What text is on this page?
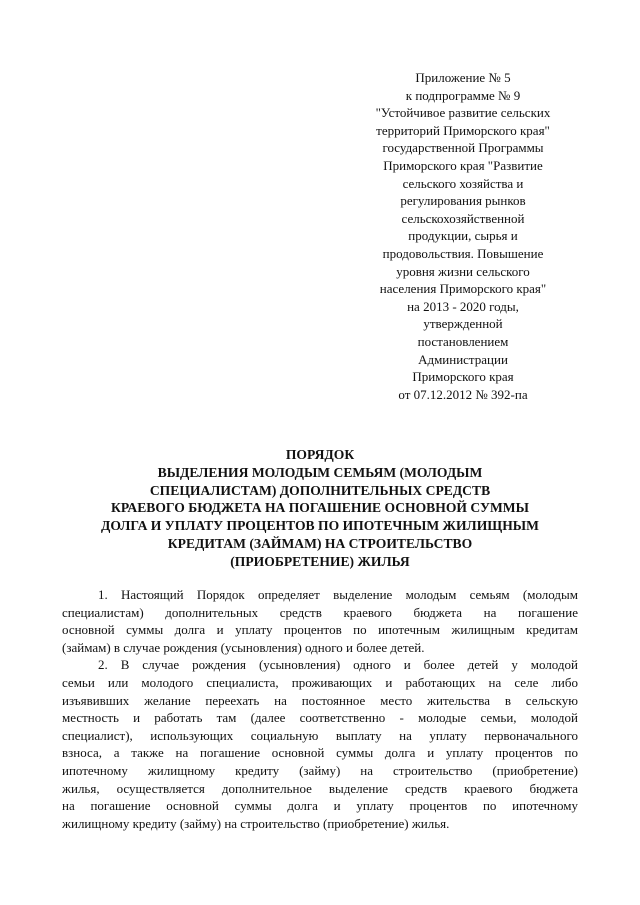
Приложение № 5
к подпрограмме № 9
"Устойчивое развитие сельских
территорий Приморского края"
государственной Программы
Приморского края "Развитие
сельского хозяйства и
регулирования рынков
сельскохозяйственной
продукции, сырья и
продовольствия. Повышение
уровня жизни сельского
населения Приморского края"
на 2013 - 2020 годы,
утвержденной
постановлением
Администрации
Приморского края
от 07.12.2012 № 392-па
ПОРЯДОК
ВЫДЕЛЕНИЯ МОЛОДЫМ СЕМЬЯМ (МОЛОДЫМ
СПЕЦИАЛИСТАМ) ДОПОЛНИТЕЛЬНЫХ СРЕДСТВ
КРАЕВОГО БЮДЖЕТА НА ПОГАШЕНИЕ ОСНОВНОЙ СУММЫ
ДОЛГА И УПЛАТУ ПРОЦЕНТОВ ПО ИПОТЕЧНЫМ ЖИЛИЩНЫМ
КРЕДИТАМ (ЗАЙМАМ) НА СТРОИТЕЛЬСТВО
(ПРИОБРЕТЕНИЕ) ЖИЛЬЯ
1. Настоящий Порядок определяет выделение молодым семьям (молодым
специалистам) дополнительных средств краевого бюджета на погашение
основной суммы долга и уплату процентов по ипотечным жилищным кредитам
(займам) в случае рождения (усыновления) одного и более детей.
2. В случае рождения (усыновления) одного и более детей у молодой
семьи или молодого специалиста, проживающих и работающих на селе либо
изъявивших желание переехать на постоянное место жительства в сельскую
местность и работать там (далее соответственно - молодые семьи, молодой
специалист), использующих социальную выплату на уплату первоначального
взноса, а также на погашение основной суммы долга и уплату процентов по
ипотечному жилищному кредиту (займу) на строительство (приобретение)
жилья, осуществляется дополнительное выделение средств краевого бюджета
на погашение основной суммы долга и уплату процентов по ипотечному
жилищному кредиту (займу) на строительство (приобретение) жилья.
